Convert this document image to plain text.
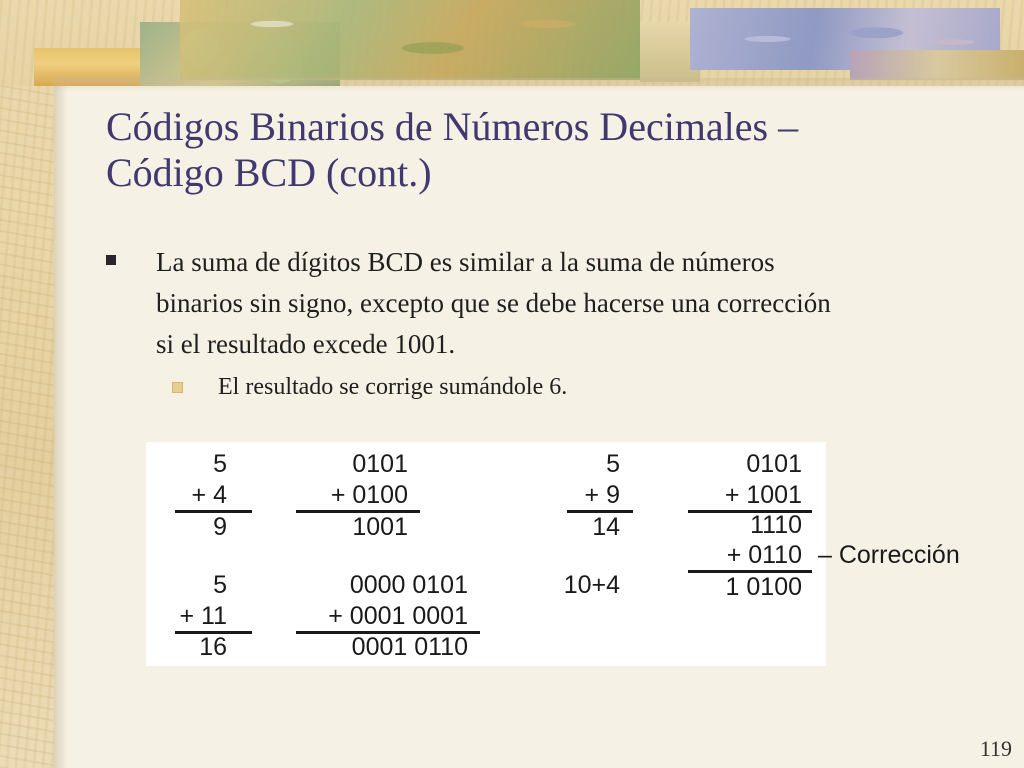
Códigos Binarios de Números Decimales –
Código BCD (cont.)
La suma de dígitos BCD es similar a la suma de números
binarios sin signo, excepto que se debe hacerse una corrección
si el resultado excede 1001.
El resultado se corrige sumándole 6.

5

+ 4

9

0101

+ 0100

1001

5

+ 9

14

10+4

0101

+ 1001

1110

+ 0110

1 0100

– Corrección

5

+ 11

16

0000 0101

+ 0001 0001

0001 0110

119
